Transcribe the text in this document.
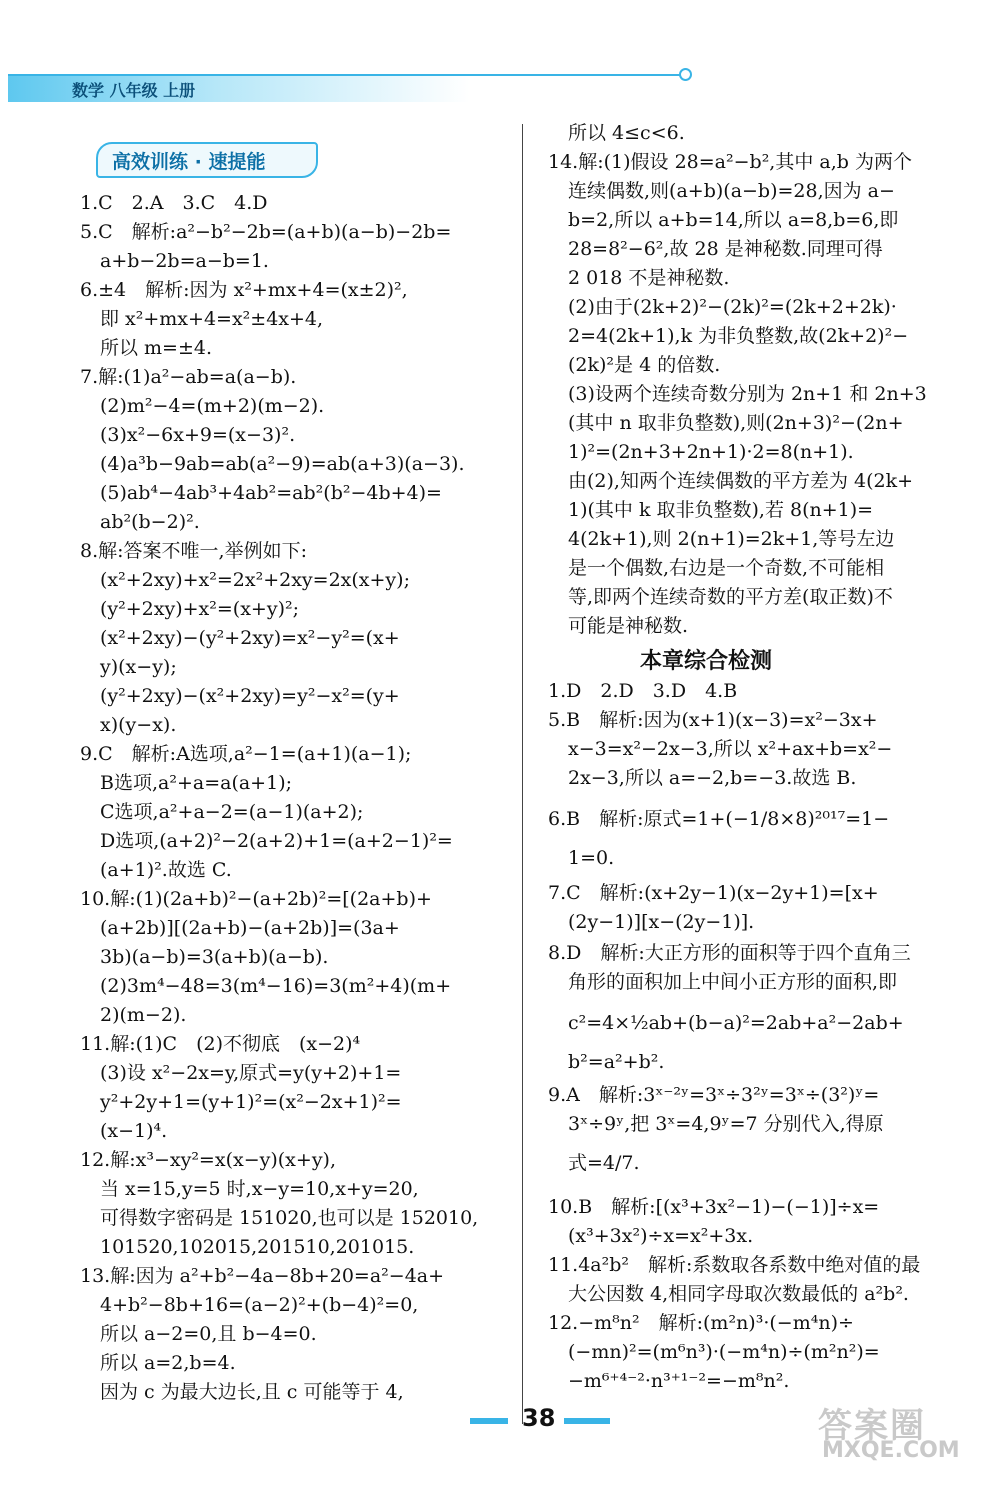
数学 八年级 上册
高效训练 · 速提能
1.C　2.A　3.C　4.D
5.C　解析:a²−b²−2b=(a+b)(a−b)−2b=
a+b−2b=a−b=1.
6.±4　解析:因为 x²+mx+4=(x±2)²,
即 x²+mx+4=x²±4x+4,
所以 m=±4.
7.解:(1)a²−ab=a(a−b).
(2)m²−4=(m+2)(m−2).
(3)x²−6x+9=(x−3)².
(4)a³b−9ab=ab(a²−9)=ab(a+3)(a−3).
(5)ab⁴−4ab³+4ab²=ab²(b²−4b+4)=
ab²(b−2)².
8.解:答案不唯一,举例如下:
(x²+2xy)+x²=2x²+2xy=2x(x+y);
(y²+2xy)+x²=(x+y)²;
(x²+2xy)−(y²+2xy)=x²−y²=(x+
y)(x−y);
(y²+2xy)−(x²+2xy)=y²−x²=(y+
x)(y−x).
9.C　解析:A选项,a²−1=(a+1)(a−1);
B选项,a²+a=a(a+1);
C选项,a²+a−2=(a−1)(a+2);
D选项,(a+2)²−2(a+2)+1=(a+2−1)²=
(a+1)².故选 C.
10.解:(1)(2a+b)²−(a+2b)²=[(2a+b)+
(a+2b)][(2a+b)−(a+2b)]=(3a+
3b)(a−b)=3(a+b)(a−b).
(2)3m⁴−48=3(m⁴−16)=3(m²+4)(m+
2)(m−2).
11.解:(1)C　(2)不彻底　(x−2)⁴
(3)设 x²−2x=y,原式=y(y+2)+1=
y²+2y+1=(y+1)²=(x²−2x+1)²=
(x−1)⁴.
12.解:x³−xy²=x(x−y)(x+y),
当 x=15,y=5 时,x−y=10,x+y=20,
可得数字密码是 151020,也可以是 152010,
101520,102015,201510,201015.
13.解:因为 a²+b²−4a−8b+20=a²−4a+
4+b²−8b+16=(a−2)²+(b−4)²=0,
所以 a−2=0,且 b−4=0.
所以 a=2,b=4.
因为 c 为最大边长,且 c 可能等于 4,
所以 4≤c<6.
14.解:(1)假设 28=a²−b²,其中 a,b 为两个
连续偶数,则(a+b)(a−b)=28,因为 a−
b=2,所以 a+b=14,所以 a=8,b=6,即
28=8²−6²,故 28 是神秘数.同理可得
2 018 不是神秘数.
(2)由于(2k+2)²−(2k)²=(2k+2+2k)·
2=4(2k+1),k 为非负整数,故(2k+2)²−
(2k)²是 4 的倍数.
(3)设两个连续奇数分别为 2n+1 和 2n+3
(其中 n 取非负整数),则(2n+3)²−(2n+
1)²=(2n+3+2n+1)·2=8(n+1).
由(2),知两个连续偶数的平方差为 4(2k+
1)(其中 k 取非负整数),若 8(n+1)=
4(2k+1),则 2(n+1)=2k+1,等号左边
是一个偶数,右边是一个奇数,不可能相
等,即两个连续奇数的平方差(取正数)不
可能是神秘数.
1.D　2.D　3.D　4.B
5.B　解析:因为(x+1)(x−3)=x²−3x+
x−3=x²−2x−3,所以 x²+ax+b=x²−
2x−3,所以 a=−2,b=−3.故选 B.
6.B　解析:原式=1+(−1/8×8)²⁰¹⁷=1−
1=0.
7.C　解析:(x+2y−1)(x−2y+1)=[x+
(2y−1)][x−(2y−1)].
8.D　解析:大正方形的面积等于四个直角三
角形的面积加上中间小正方形的面积,即
c²=4×½ab+(b−a)²=2ab+a²−2ab+
b²=a²+b².
9.A　解析:3ˣ⁻²ʸ=3ˣ÷3²ʸ=3ˣ÷(3²)ʸ=
3ˣ÷9ʸ,把 3ˣ=4,9ʸ=7 分别代入,得原
式=4/7.
10.B　解析:[(x³+3x²−1)−(−1)]÷x=
(x³+3x²)÷x=x²+3x.
11.4a²b²　解析:系数取各系数中绝对值的最
大公因数 4,相同字母取次数最低的 a²b².
12.−m⁸n²　解析:(m²n)³·(−m⁴n)÷
(−mn)²=(m⁶n³)·(−m⁴n)÷(m²n²)=
−m⁶⁺⁴⁻²·n³⁺¹⁻²=−m⁸n².
本章综合检测
38	答案圈
MXQE.COM
